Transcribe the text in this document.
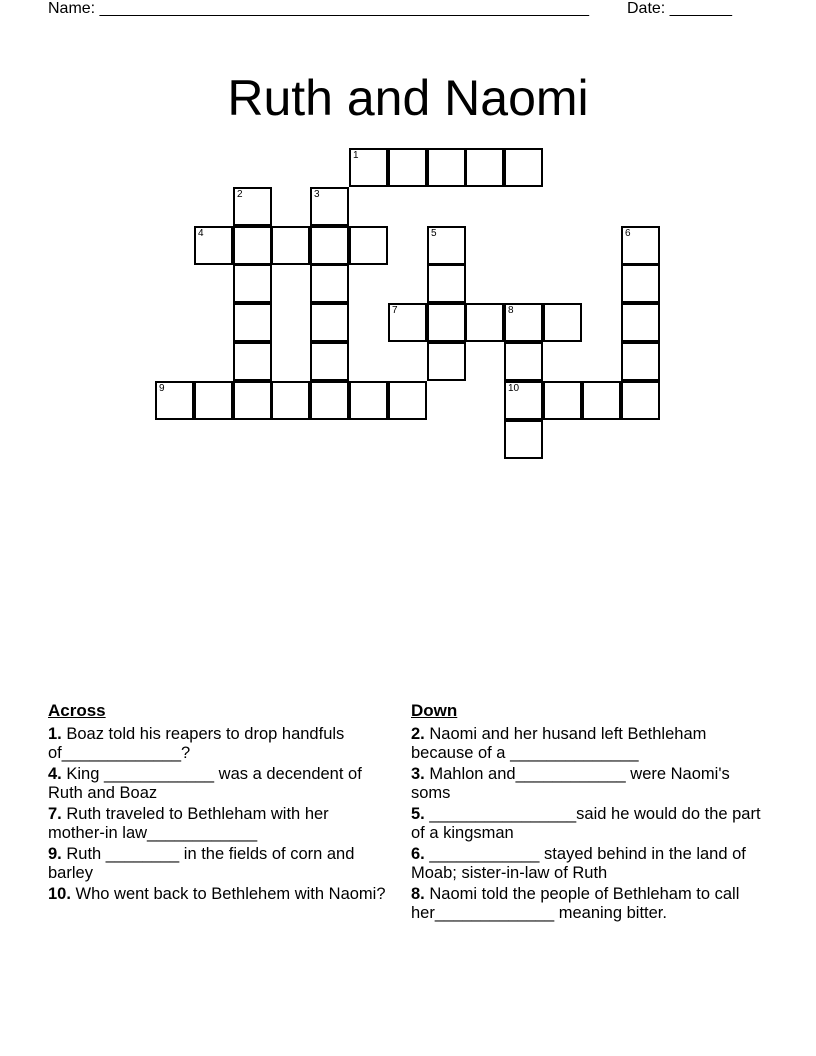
Name: _______________________________________________________ Date: _______
Ruth and Naomi
1
2	3
4	5	6
7	8
9	10
Across
1. Boaz told his reapers to drop handfuls of_____________?
4. King ____________ was a decendent of Ruth and Boaz
7. Ruth traveled to Bethleham with her mother-in law____________
9. Ruth ________ in the fields of corn and barley
10. Who went back to Bethlehem with Naomi?
Down
2. Naomi and her husand left Bethleham because of a ______________
3. Mahlon and____________ were Naomi's soms
5. ________________said he would do the part of a kingsman
6. ____________ stayed behind in the land of Moab; sister-in-law of Ruth
8. Naomi told the people of Bethleham to call her_____________ meaning bitter.
